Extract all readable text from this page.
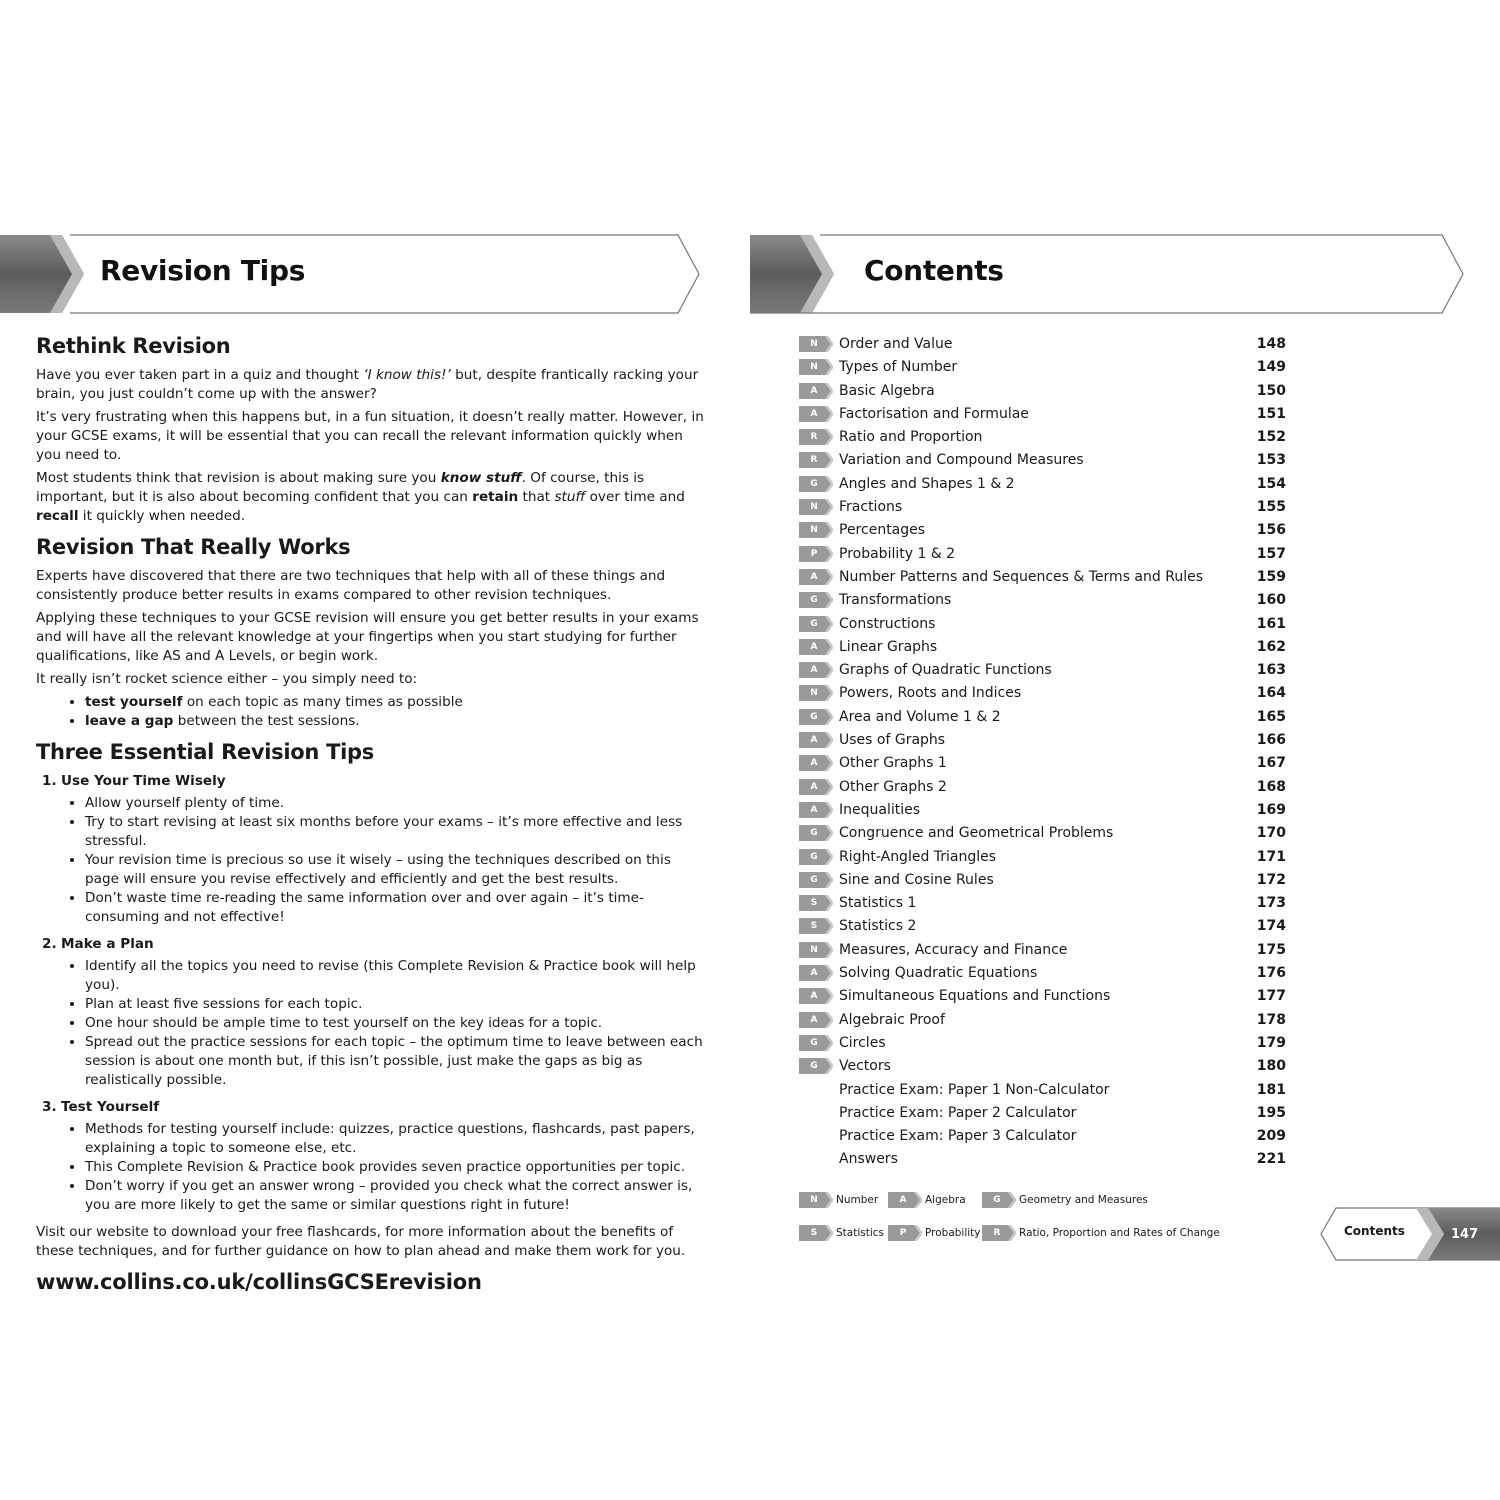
Revision Tips	Contents
Rethink Revision

Have you ever taken part in a quiz and thought ‘I know this!’ but, despite frantically racking your brain, you just couldn’t come up with the answer?

It’s very frustrating when this happens but, in a fun situation, it doesn’t really matter. However, in your GCSE exams, it will be essential that you can recall the relevant information quickly when you need to.

Most students think that revision is about making sure you know stuff. Of course, this is important, but it is also about becoming confident that you can retain that stuff over time and recall it quickly when needed.

Revision That Really Works

Experts have discovered that there are two techniques that help with all of these things and consistently produce better results in exams compared to other revision techniques.

Applying these techniques to your GCSE revision will ensure you get better results in your exams and will have all the relevant knowledge at your fingertips when you start studying for further qualifications, like AS and A Levels, or begin work.

It really isn’t rocket science either – you simply need to:

• test yourself on each topic as many times as possible
• leave a gap between the test sessions.
Three Essential Revision Tips
1. Use Your Time Wisely
• Allow yourself plenty of time.
• Try to start revising at least six months before your exams – it’s more effective and less stressful.
• Your revision time is precious so use it wisely – using the techniques described on this page will ensure you revise effectively and efficiently and get the best results.
• Don’t waste time re-reading the same information over and over again – it’s time-consuming and not effective!
2. Make a Plan
• Identify all the topics you need to revise (this Complete Revision & Practice book will help you).
• Plan at least five sessions for each topic.
• One hour should be ample time to test yourself on the key ideas for a topic.
• Spread out the practice sessions for each topic – the optimum time to leave between each session is about one month but, if this isn’t possible, just make the gaps as big as realistically possible.
3. Test Yourself
• Methods for testing yourself include: quizzes, practice questions, flashcards, past papers, explaining a topic to someone else, etc.
• This Complete Revision & Practice book provides seven practice opportunities per topic.
• Don’t worry if you get an answer wrong – provided you check what the correct answer is, you are more likely to get the same or similar questions right in future!

Visit our website to download your free flashcards, for more information about the benefits of these techniques, and for further guidance on how to plan ahead and make them work for you.

www.collins.co.uk/collinsGCSErevision
N	Order and Value	148
N	Types of Number	149
A	Basic Algebra	150
A	Factorisation and Formulae	151
R	Ratio and Proportion	152
R	Variation and Compound Measures	153
G	Angles and Shapes 1 & 2	154
N	Fractions	155
N	Percentages	156
P	Probability 1 & 2	157
A	Number Patterns and Sequences & Terms and Rules	159
G	Transformations	160
G	Constructions	161
A	Linear Graphs	162
A	Graphs of Quadratic Functions	163
N	Powers, Roots and Indices	164
G	Area and Volume 1 & 2	165
A	Uses of Graphs	166
A	Other Graphs 1	167
A	Other Graphs 2	168
A	Inequalities	169
G	Congruence and Geometrical Problems	170
G	Right-Angled Triangles	171
G	Sine and Cosine Rules	172
S	Statistics 1	173
S	Statistics 2	174
N	Measures, Accuracy and Finance	175
A	Solving Quadratic Equations	176
A	Simultaneous Equations and Functions	177
A	Algebraic Proof	178
G	Circles	179
G	Vectors	180
Practice Exam: Paper 1 Non-Calculator	181
Practice Exam: Paper 2 Calculator	195
Practice Exam: Paper 3 Calculator	209
Answers	221
N	Number	A	Algebra	G	Geometry and Measures
S	Statistics	P	Probability	R	Ratio, Proportion and Rates of Change	Contents	147
